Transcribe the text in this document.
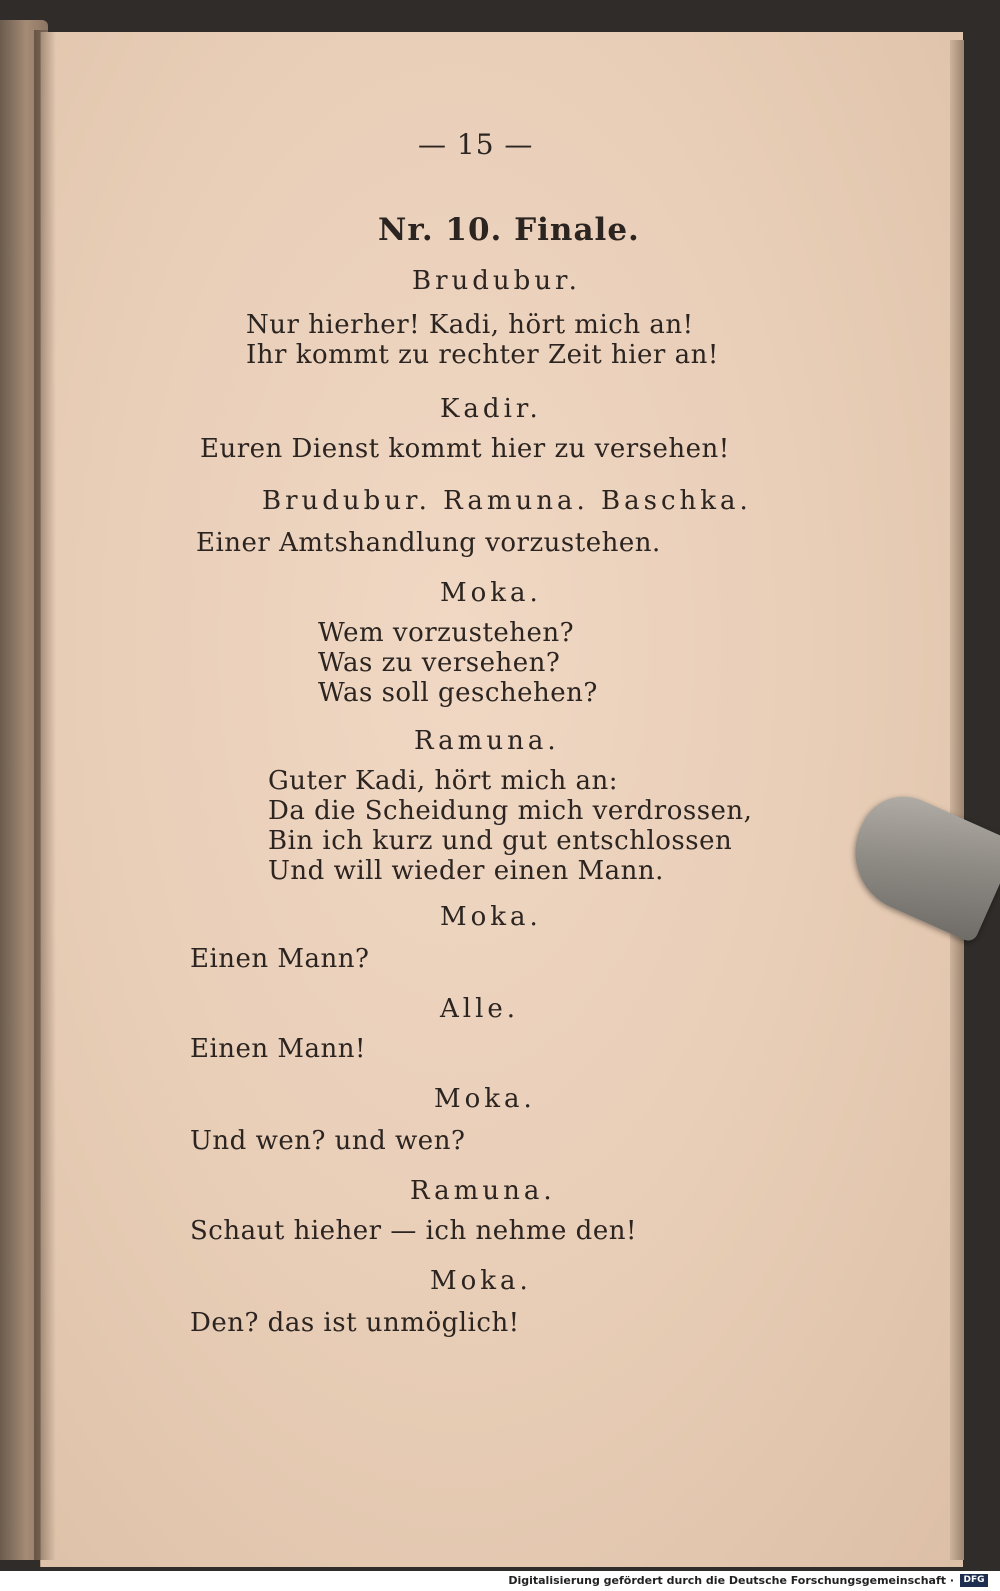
— 15 —
Nr. 10. Finale.
Brudubur.
Nur hierher! Kadi, hört mich an!
Ihr kommt zu rechter Zeit hier an!
Kadir.
Euren Dienst kommt hier zu versehen!
Brudubur. Ramuna. Baschka.
Einer Amtshandlung vorzustehen.
Moka.
Wem vorzustehen?
Was zu versehen?
Was soll geschehen?
Ramuna.
Guter Kadi, hört mich an:
Da die Scheidung mich verdrossen,
Bin ich kurz und gut entschlossen
Und will wieder einen Mann.
Moka.
Einen Mann?
Alle.
Einen Mann!
Moka.
Und wen? und wen?
Ramuna.
Schaut hieher — ich nehme den!
Moka.
Den? das ist unmöglich!
Digitalisierung gefördert durch die Deutsche Forschungsgemeinschaft ·	DFG
